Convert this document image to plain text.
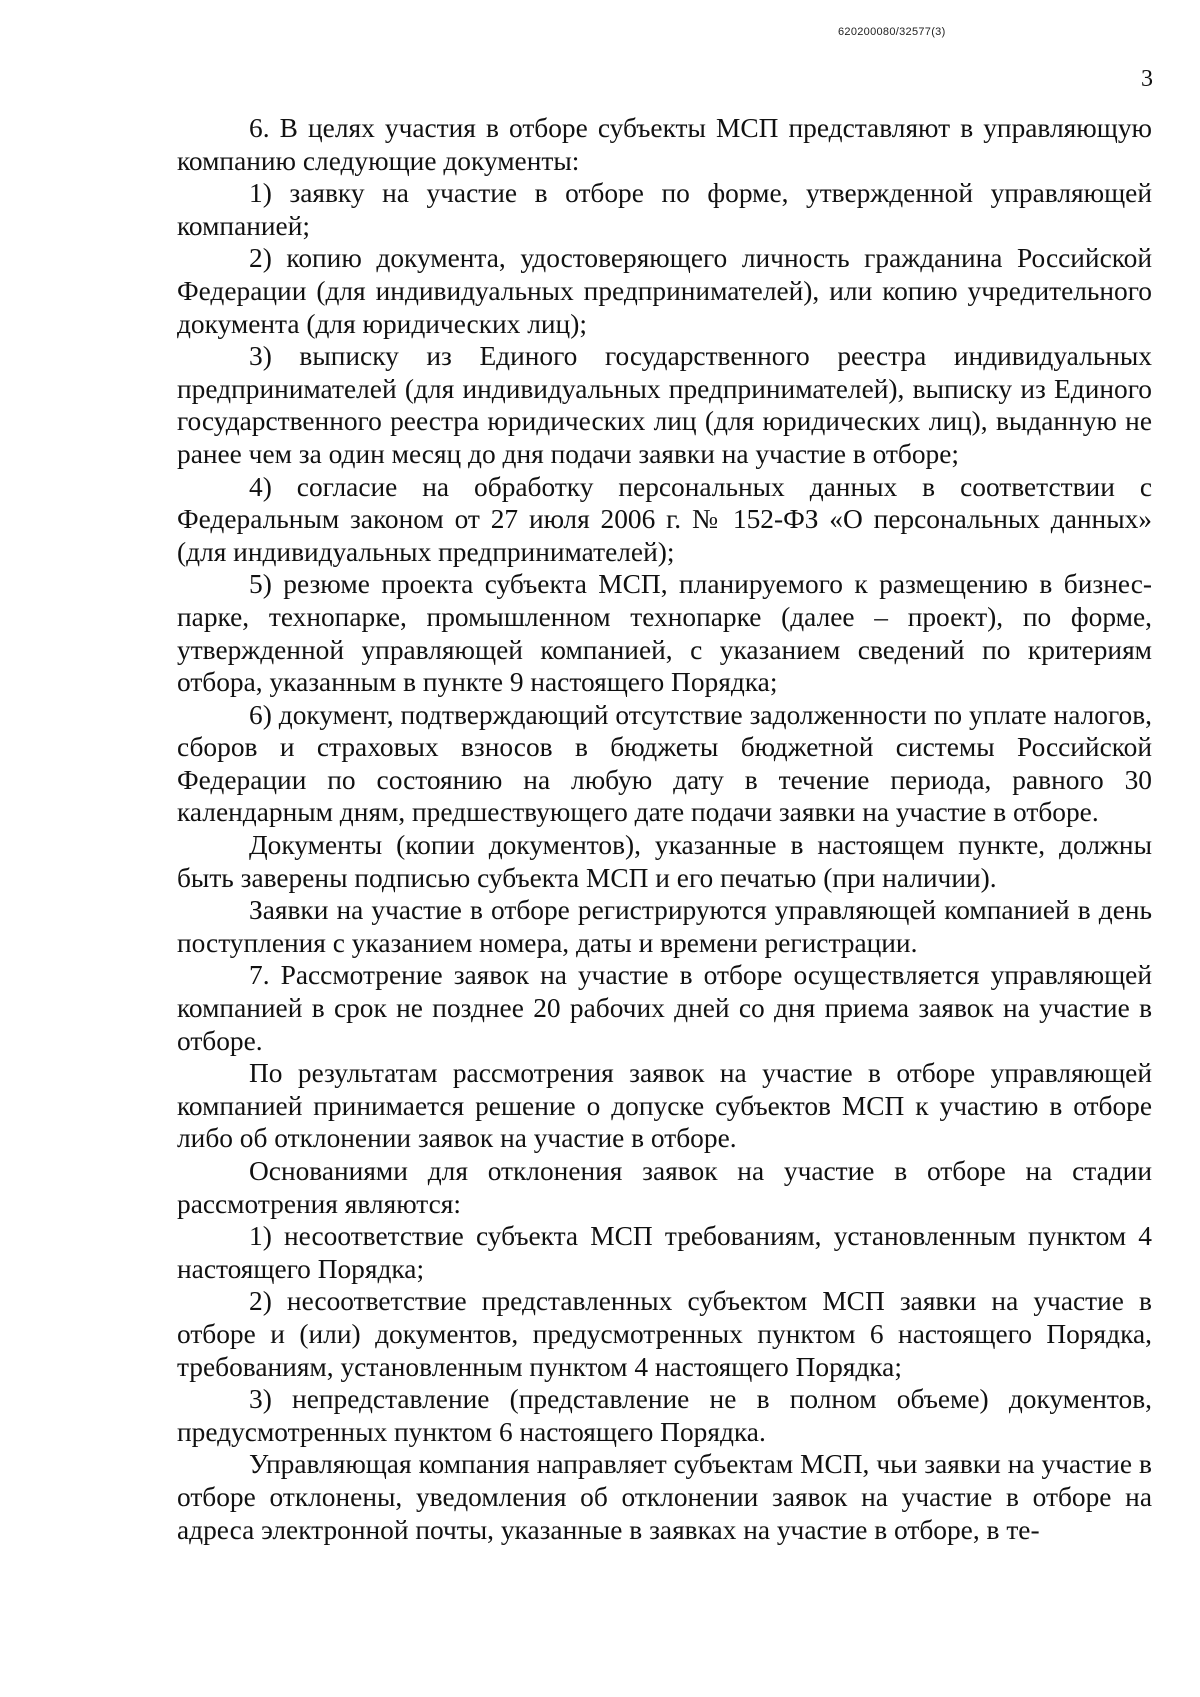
620200080/32577(3)
3

6. В целях участия в отборе субъекты МСП представляют в управляющую компанию следующие документы:

1) заявку на участие в отборе по форме, утвержденной управляющей компанией;

2) копию документа, удостоверяющего личность гражданина Российской Федерации (для индивидуальных предпринимателей), или копию учредительного документа (для юридических лиц);

3) выписку из Единого государственного реестра индивидуальных предпринимателей (для индивидуальных предпринимателей), выписку из Единого государственного реестра юридических лиц (для юридических лиц), выданную не ранее чем за один месяц до дня подачи заявки на участие в отборе;

4) согласие на обработку персональных данных в соответствии с Федеральным законом от 27 июля 2006 г. № 152-ФЗ «О персональных данных» (для индивидуальных предпринимателей);

5) резюме проекта субъекта МСП, планируемого к размещению в бизнес-парке, технопарке, промышленном технопарке (далее – проект), по форме, утвержденной управляющей компанией, с указанием сведений по критериям отбора, указанным в пункте 9 настоящего Порядка;

6) документ, подтверждающий отсутствие задолженности по уплате налогов, сборов и страховых взносов в бюджеты бюджетной системы Российской Федерации по состоянию на любую дату в течение периода, равного 30 календарным дням, предшествующего дате подачи заявки на участие в отборе.

Документы (копии документов), указанные в настоящем пункте, должны быть заверены подписью субъекта МСП и его печатью (при наличии).

Заявки на участие в отборе регистрируются управляющей компанией в день поступления с указанием номера, даты и времени регистрации.

7. Рассмотрение заявок на участие в отборе осуществляется управляющей компанией в срок не позднее 20 рабочих дней со дня приема заявок на участие в отборе.

По результатам рассмотрения заявок на участие в отборе управляющей компанией принимается решение о допуске субъектов МСП к участию в отборе либо об отклонении заявок на участие в отборе.

Основаниями для отклонения заявок на участие в отборе на стадии рассмотрения являются:

1) несоответствие субъекта МСП требованиям, установленным пунктом 4 настоящего Порядка;

2) несоответствие представленных субъектом МСП заявки на участие в отборе и (или) документов, предусмотренных пунктом 6 настоящего Порядка, требованиям, установленным пунктом 4 настоящего Порядка;

3) непредставление (представление не в полном объеме) документов, предусмотренных пунктом 6 настоящего Порядка.

Управляющая компания направляет субъектам МСП, чьи заявки на участие в отборе отклонены, уведомления об отклонении заявок на участие в отборе на адреса электронной почты, указанные в заявках на участие в отборе, в те-
